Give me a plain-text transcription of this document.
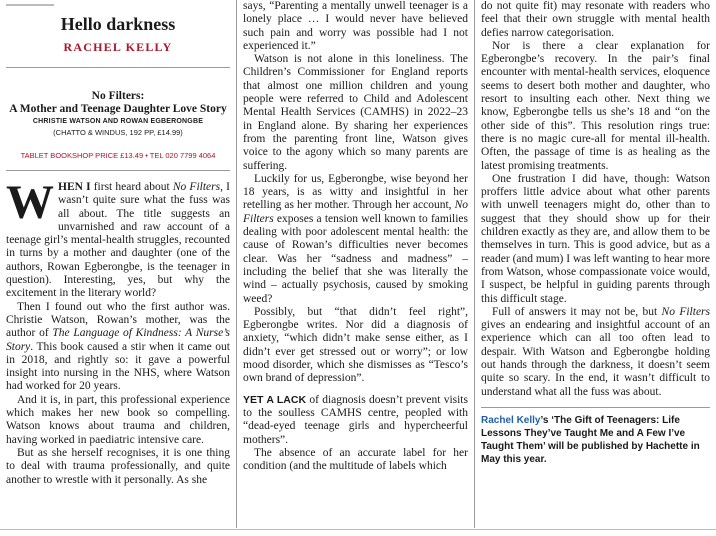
Hello darkness
RACHEL KELLY
No Filters:
A Mother and Teenage Daughter Love Story
CHRISTIE WATSON AND ROWAN EGBERONGBE
(CHATTO & WINDUS, 192 PP, £14.99)
TABLET BOOKSHOP PRICE £13.49 • TEL 020 7799 4064

WHEN I first heard about No Filters, I wasn’t quite sure what the fuss was all about. The title suggests an unvarnished and raw account of a teenage girl’s mental-health struggles, recounted in turns by a mother and daughter (one of the authors, Rowan Egberongbe, is the teenager in question). Interesting, yes, but why the excitement in the literary world?

Then I found out who the first author was. Christie Watson, Rowan’s mother, was the author of The Language of Kindness: A Nurse’s Story. This book caused a stir when it came out in 2018, and rightly so: it gave a powerful insight into nursing in the NHS, where Watson had worked for 20 years.

And it is, in part, this professional experience which makes her new book so compelling. Watson knows about trauma and children, having worked in paediatric intensive care.

But as she herself recognises, it is one thing to deal with trauma professionally, and quite another to wrestle with it personally. As she

says, “Parenting a mentally unwell teenager is a lonely place … I would never have believed such pain and worry was possible had I not experienced it.”

Watson is not alone in this loneliness. The Children’s Commissioner for England reports that almost one million children and young people were referred to Child and Adolescent Mental Health Services (CAMHS) in 2022–23 in England alone. By sharing her experiences from the parenting front line, Watson gives voice to the agony which so many parents are suffering.

Luckily for us, Egberongbe, wise beyond her 18 years, is as witty and insightful in her retelling as her mother. Through her account, No Filters exposes a tension well known to families dealing with poor adolescent mental health: the cause of Rowan’s difficulties never becomes clear. Was her “sadness and madness” – including the belief that she was literally the wind – actually psychosis, caused by smoking weed?

Possibly, but “that didn’t feel right”, Egberongbe writes. Nor did a diagnosis of anxiety, “which didn’t make sense either, as I didn’t ever get stressed out or worry”; or low mood disorder, which she dismisses as “Tesco’s own brand of depression”.

YET A LACK of diagnosis doesn’t prevent visits to the soulless CAMHS centre, peopled with “dead-eyed teenage girls and hypercheerful mothers”.

The absence of an accurate label for her condition (and the multitude of labels which

do not quite fit) may resonate with readers who feel that their own struggle with mental health defies narrow categorisation.

Nor is there a clear explanation for Egberongbe’s recovery. In the pair’s final encounter with mental-health services, eloquence seems to desert both mother and daughter, who resort to insulting each other. Next thing we know, Egberongbe tells us she’s 18 and “on the other side of this”. This resolution rings true: there is no magic cure-all for mental ill-health. Often, the passage of time is as healing as the latest promising treatments.

One frustration I did have, though: Watson proffers little advice about what other parents with unwell teenagers might do, other than to suggest that they should show up for their children exactly as they are, and allow them to be themselves in turn. This is good advice, but as a reader (and mum) I was left wanting to hear more from Watson, whose compassionate voice would, I suspect, be helpful in guiding parents through this difficult stage.

Full of answers it may not be, but No Filters gives an endearing and insightful account of an experience which can all too often lead to despair. With Watson and Egberongbe holding out hands through the darkness, it doesn’t seem quite so scary. In the end, it wasn’t difficult to understand what all the fuss was about.

Rachel Kelly’s ‘The Gift of Teenagers: Life Lessons They’ve Taught Me and A Few I’ve Taught Them’ will be published by Hachette in May this year.
